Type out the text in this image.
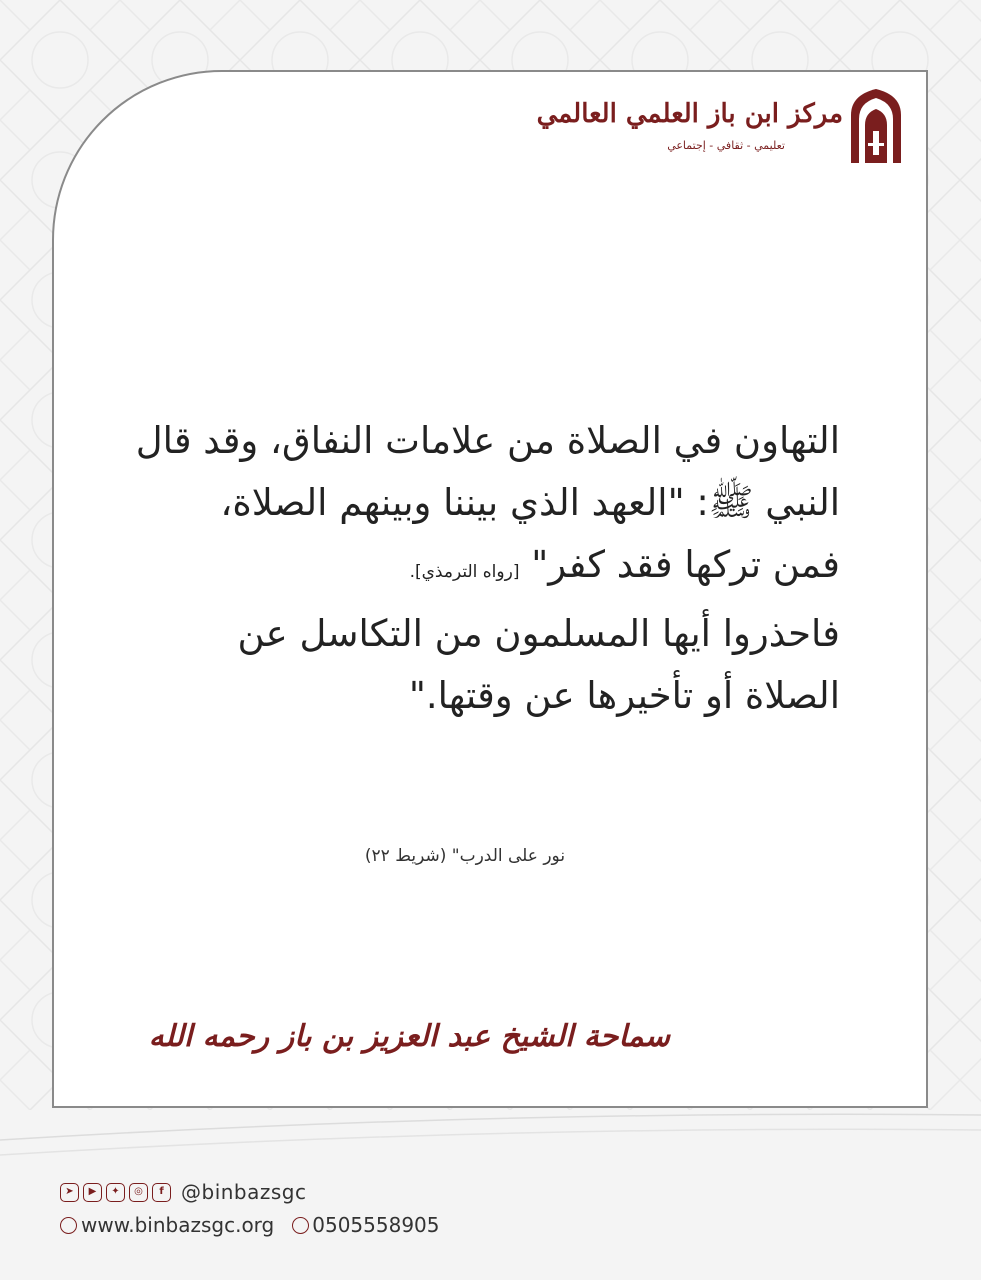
مركز ابن باز العلمي العالمي
تعليمي - ثقافي - إجتماعي
التهاون في الصلاة من علامات النفاق، وقد قال
النبي ﷺ: "العهد الذي بيننا وبينهم الصلاة،
فمن تركها فقد كفر" [رواه الترمذي].
فاحذروا أيها المسلمون من التكاسل عن
الصلاة أو تأخيرها عن وقتها."
نور على الدرب" (شريط ٢٢)
سماحة الشيخ عبد العزيز بن باز رحمه الله
➤	▶	✦	◎	f @binbazsgc
www.binbazsgc.org 0505558905
